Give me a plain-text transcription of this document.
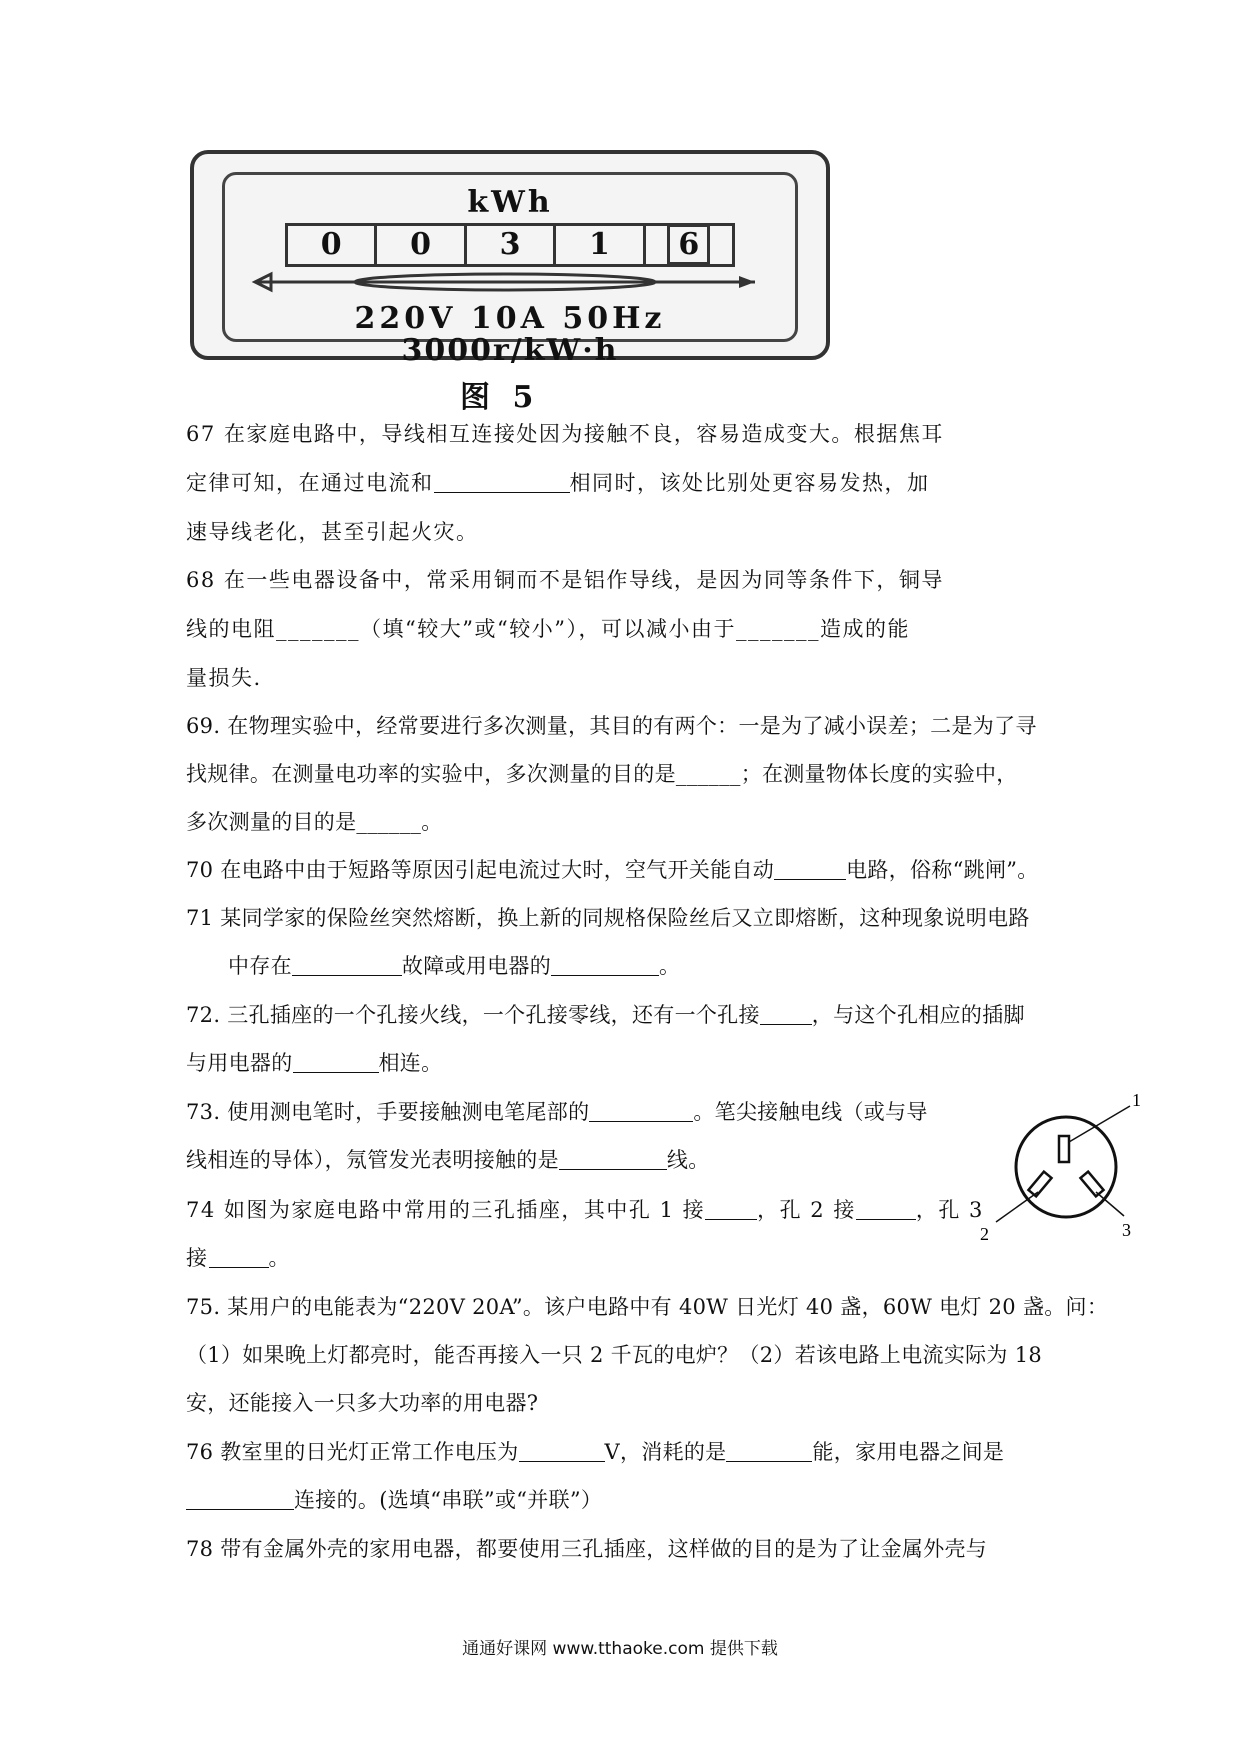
kWh
0	0	3	1	6
220V 10A 50Hz
3000r/kW·h
图 5
67 在家庭电路中，导线相互连接处因为接触不良，容易造成变大。根据焦耳
定律可知，在通过电流和	相同时，该处比别处更容易发热，加
速导线老化，甚至引起火灾。
68 在一些电器设备中，常采用铜而不是铝作导线，是因为同等条件下，铜导
线的电阻_______（填“较大”或“较小”），可以减小由于_______造成的能
量损失.
69. 在物理实验中，经常要进行多次测量，其目的有两个：一是为了减小误差；二是为了寻
找规律。在测量电功率的实验中，多次测量的目的是______；在测量物体长度的实验中，
多次测量的目的是______。
70 在电路中由于短路等原因引起电流过大时，空气开关能自动	电路，俗称“跳闸”。
71 某同学家的保险丝突然熔断，换上新的同规格保险丝后又立即熔断，这种现象说明电路
中存在	故障或用电器的	。
72. 三孔插座的一个孔接火线，一个孔接零线，还有一个孔接 ，与这个孔相应的插脚
与用电器的	相连。
73. 使用测电笔时，手要接触测电笔尾部的	。笔尖接触电线（或与导
线相连的导体），氖管发光表明接触的是	线。
1
2	3
74 如图为家庭电路中常用的三孔插座，其中孔 1 接 ，孔 2 接	，孔 3
接	。
75. 某用户的电能表为“220V 20A”。该户电路中有 40W 日光灯 40 盏，60W 电灯 20 盏。问：
（1）如果晚上灯都亮时，能否再接入一只 2 千瓦的电炉？（2）若该电路上电流实际为 18
安，还能接入一只多大功率的用电器?
76 教室里的日光灯正常工作电压为	V，消耗的是	能，家用电器之间是
连接的。(选填“串联”或“并联”）
78 带有金属外壳的家用电器，都要使用三孔插座，这样做的目的是为了让金属外壳与
通通好课网 www.tthaoke.com 提供下载
